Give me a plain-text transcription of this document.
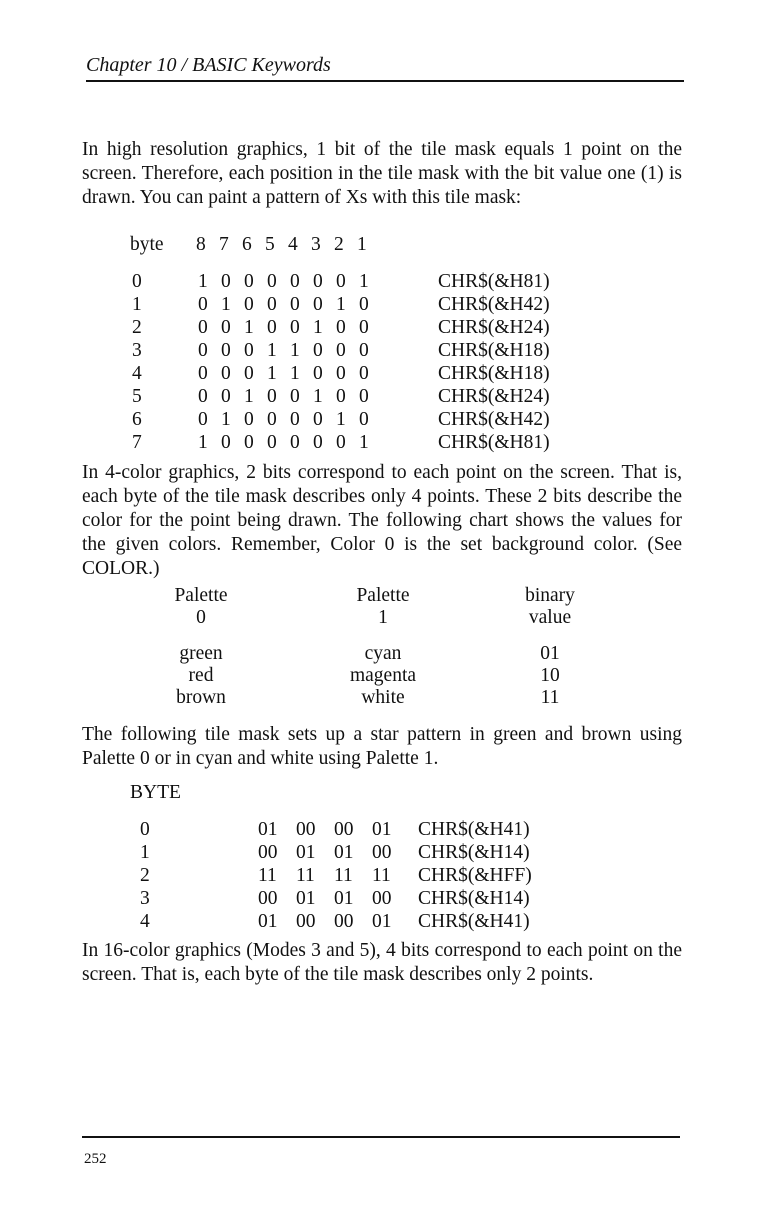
Chapter 10 / BASIC Keywords
In high resolution graphics, 1 bit of the tile mask equals 1 point on the screen. Therefore, each position in the tile mask with the bit value one (1) is drawn. You can paint a pattern of Xs with this tile mask:
byte	8 7 6 5 4 3 2 1
0	1 0 0 0 0 0 0 1	CHR$(&H81)
1	0 1 0 0 0 0 1 0	CHR$(&H42)
2	0 0 1 0 0 1 0 0	CHR$(&H24)
3	0 0 0 1 1 0 0 0	CHR$(&H18)
4	0 0 0 1 1 0 0 0	CHR$(&H18)
5	0 0 1 0 0 1 0 0	CHR$(&H24)
6	0 1 0 0 0 0 1 0	CHR$(&H42)
7	1 0 0 0 0 0 0 1	CHR$(&H81)
In 4-color graphics, 2 bits correspond to each point on the screen. That is, each byte of the tile mask describes only 4 points. These 2 bits describe the color for the point being drawn. The following chart shows the values for the given colors. Remember, Color 0 is the set background color. (See COLOR.)
Palette	Palette	binary
0	1	value
green	cyan	01
red	magenta	10
brown	white	11
The following tile mask sets up a star pattern in green and brown using Palette 0 or in cyan and white using Palette 1.
BYTE
0	01 00 00 01	CHR$(&H41)
1	00 01 01 00	CHR$(&H14)
2	11 11 11 11	CHR$(&HFF)
3	00 01 01 00	CHR$(&H14)
4	01 00 00 01	CHR$(&H41)
In 16-color graphics (Modes 3 and 5), 4 bits correspond to each point on the screen. That is, each byte of the tile mask describes only 2 points.
252
